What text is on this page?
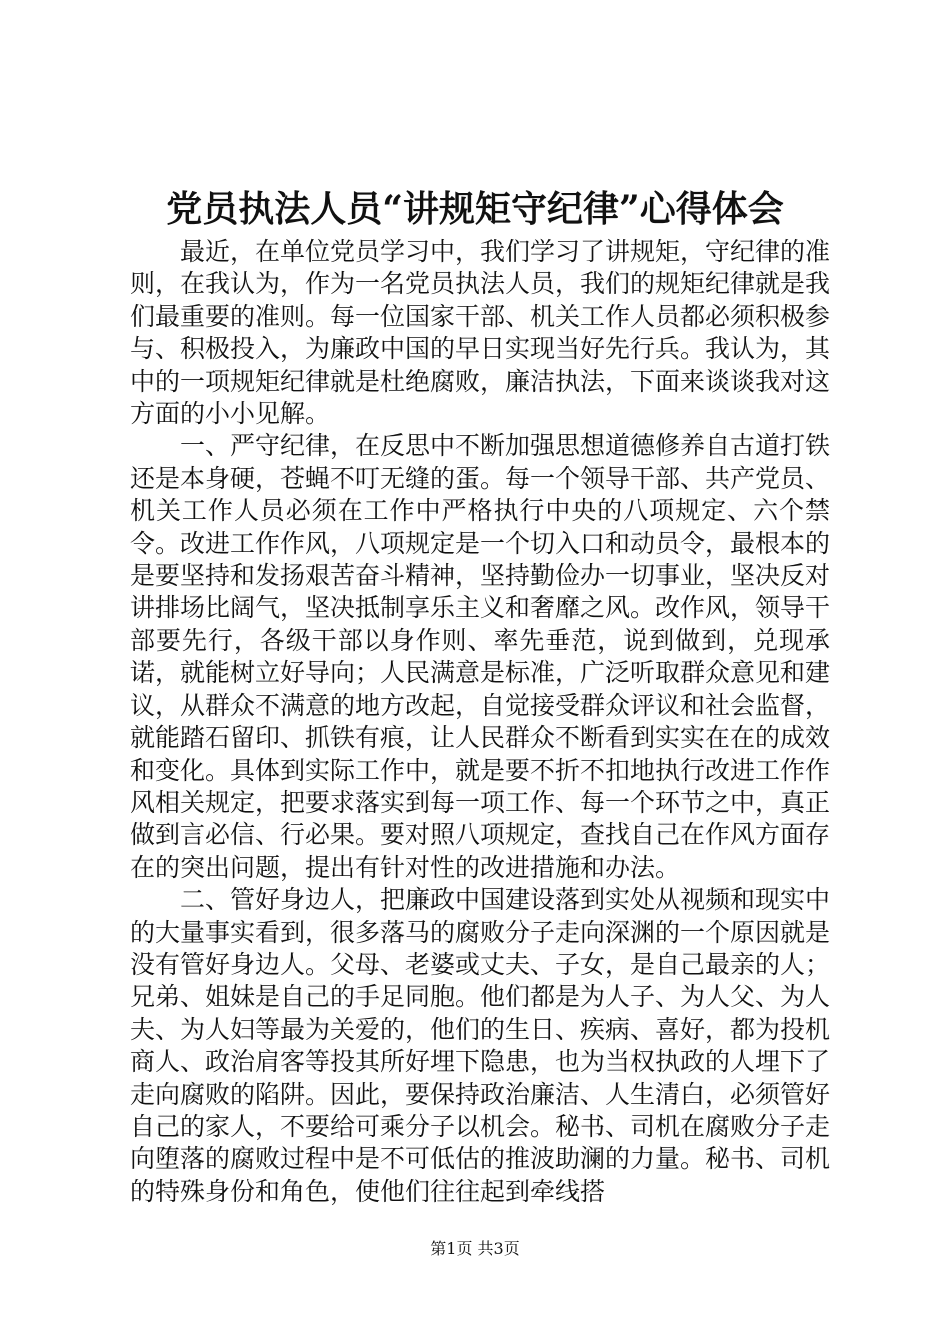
党员执法人员“讲规矩守纪律”心得体会

最近，在单位党员学习中，我们学习了讲规矩，守纪律的准则，在我认为，作为一名党员执法人员，我们的规矩纪律就是我们最重要的准则。每一位国家干部、机关工作人员都必须积极参与、积极投入，为廉政中国的早日实现当好先行兵。我认为，其中的一项规矩纪律就是杜绝腐败，廉洁执法，下面来谈谈我对这方面的小小见解。

一、严守纪律，在反思中不断加强思想道德修养自古道打铁还是本身硬，苍蝇不叮无缝的蛋。每一个领导干部、共产党员、机关工作人员必须在工作中严格执行中央的八项规定、六个禁令。改进工作作风，八项规定是一个切入口和动员令，最根本的是要坚持和发扬艰苦奋斗精神，坚持勤俭办一切事业，坚决反对讲排场比阔气，坚决抵制享乐主义和奢靡之风。改作风，领导干部要先行，各级干部以身作则、率先垂范，说到做到，兑现承诺，就能树立好导向；人民满意是标准，广泛听取群众意见和建议，从群众不满意的地方改起，自觉接受群众评议和社会监督，就能踏石留印、抓铁有痕，让人民群众不断看到实实在在的成效和变化。具体到实际工作中，就是要不折不扣地执行改进工作作风相关规定，把要求落实到每一项工作、每一个环节之中，真正做到言必信、行必果。要对照八项规定，查找自己在作风方面存在的突出问题，提出有针对性的改进措施和办法。

二、管好身边人，把廉政中国建设落到实处从视频和现实中的大量事实看到，很多落马的腐败分子走向深渊的一个原因就是没有管好身边人。父母、老婆或丈夫、子女，是自己最亲的人；兄弟、姐妹是自己的手足同胞。他们都是为人子、为人父、为人夫、为人妇等最为关爱的，他们的生日、疾病、喜好，都为投机商人、政治肩客等投其所好埋下隐患，也为当权执政的人埋下了走向腐败的陷阱。因此，要保持政治廉洁、人生清白，必须管好自己的家人，不要给可乘分子以机会。秘书、司机在腐败分子走向堕落的腐败过程中是不可低估的推波助澜的力量。秘书、司机的特殊身份和角色，使他们往往起到牵线搭

第1页 共3页
